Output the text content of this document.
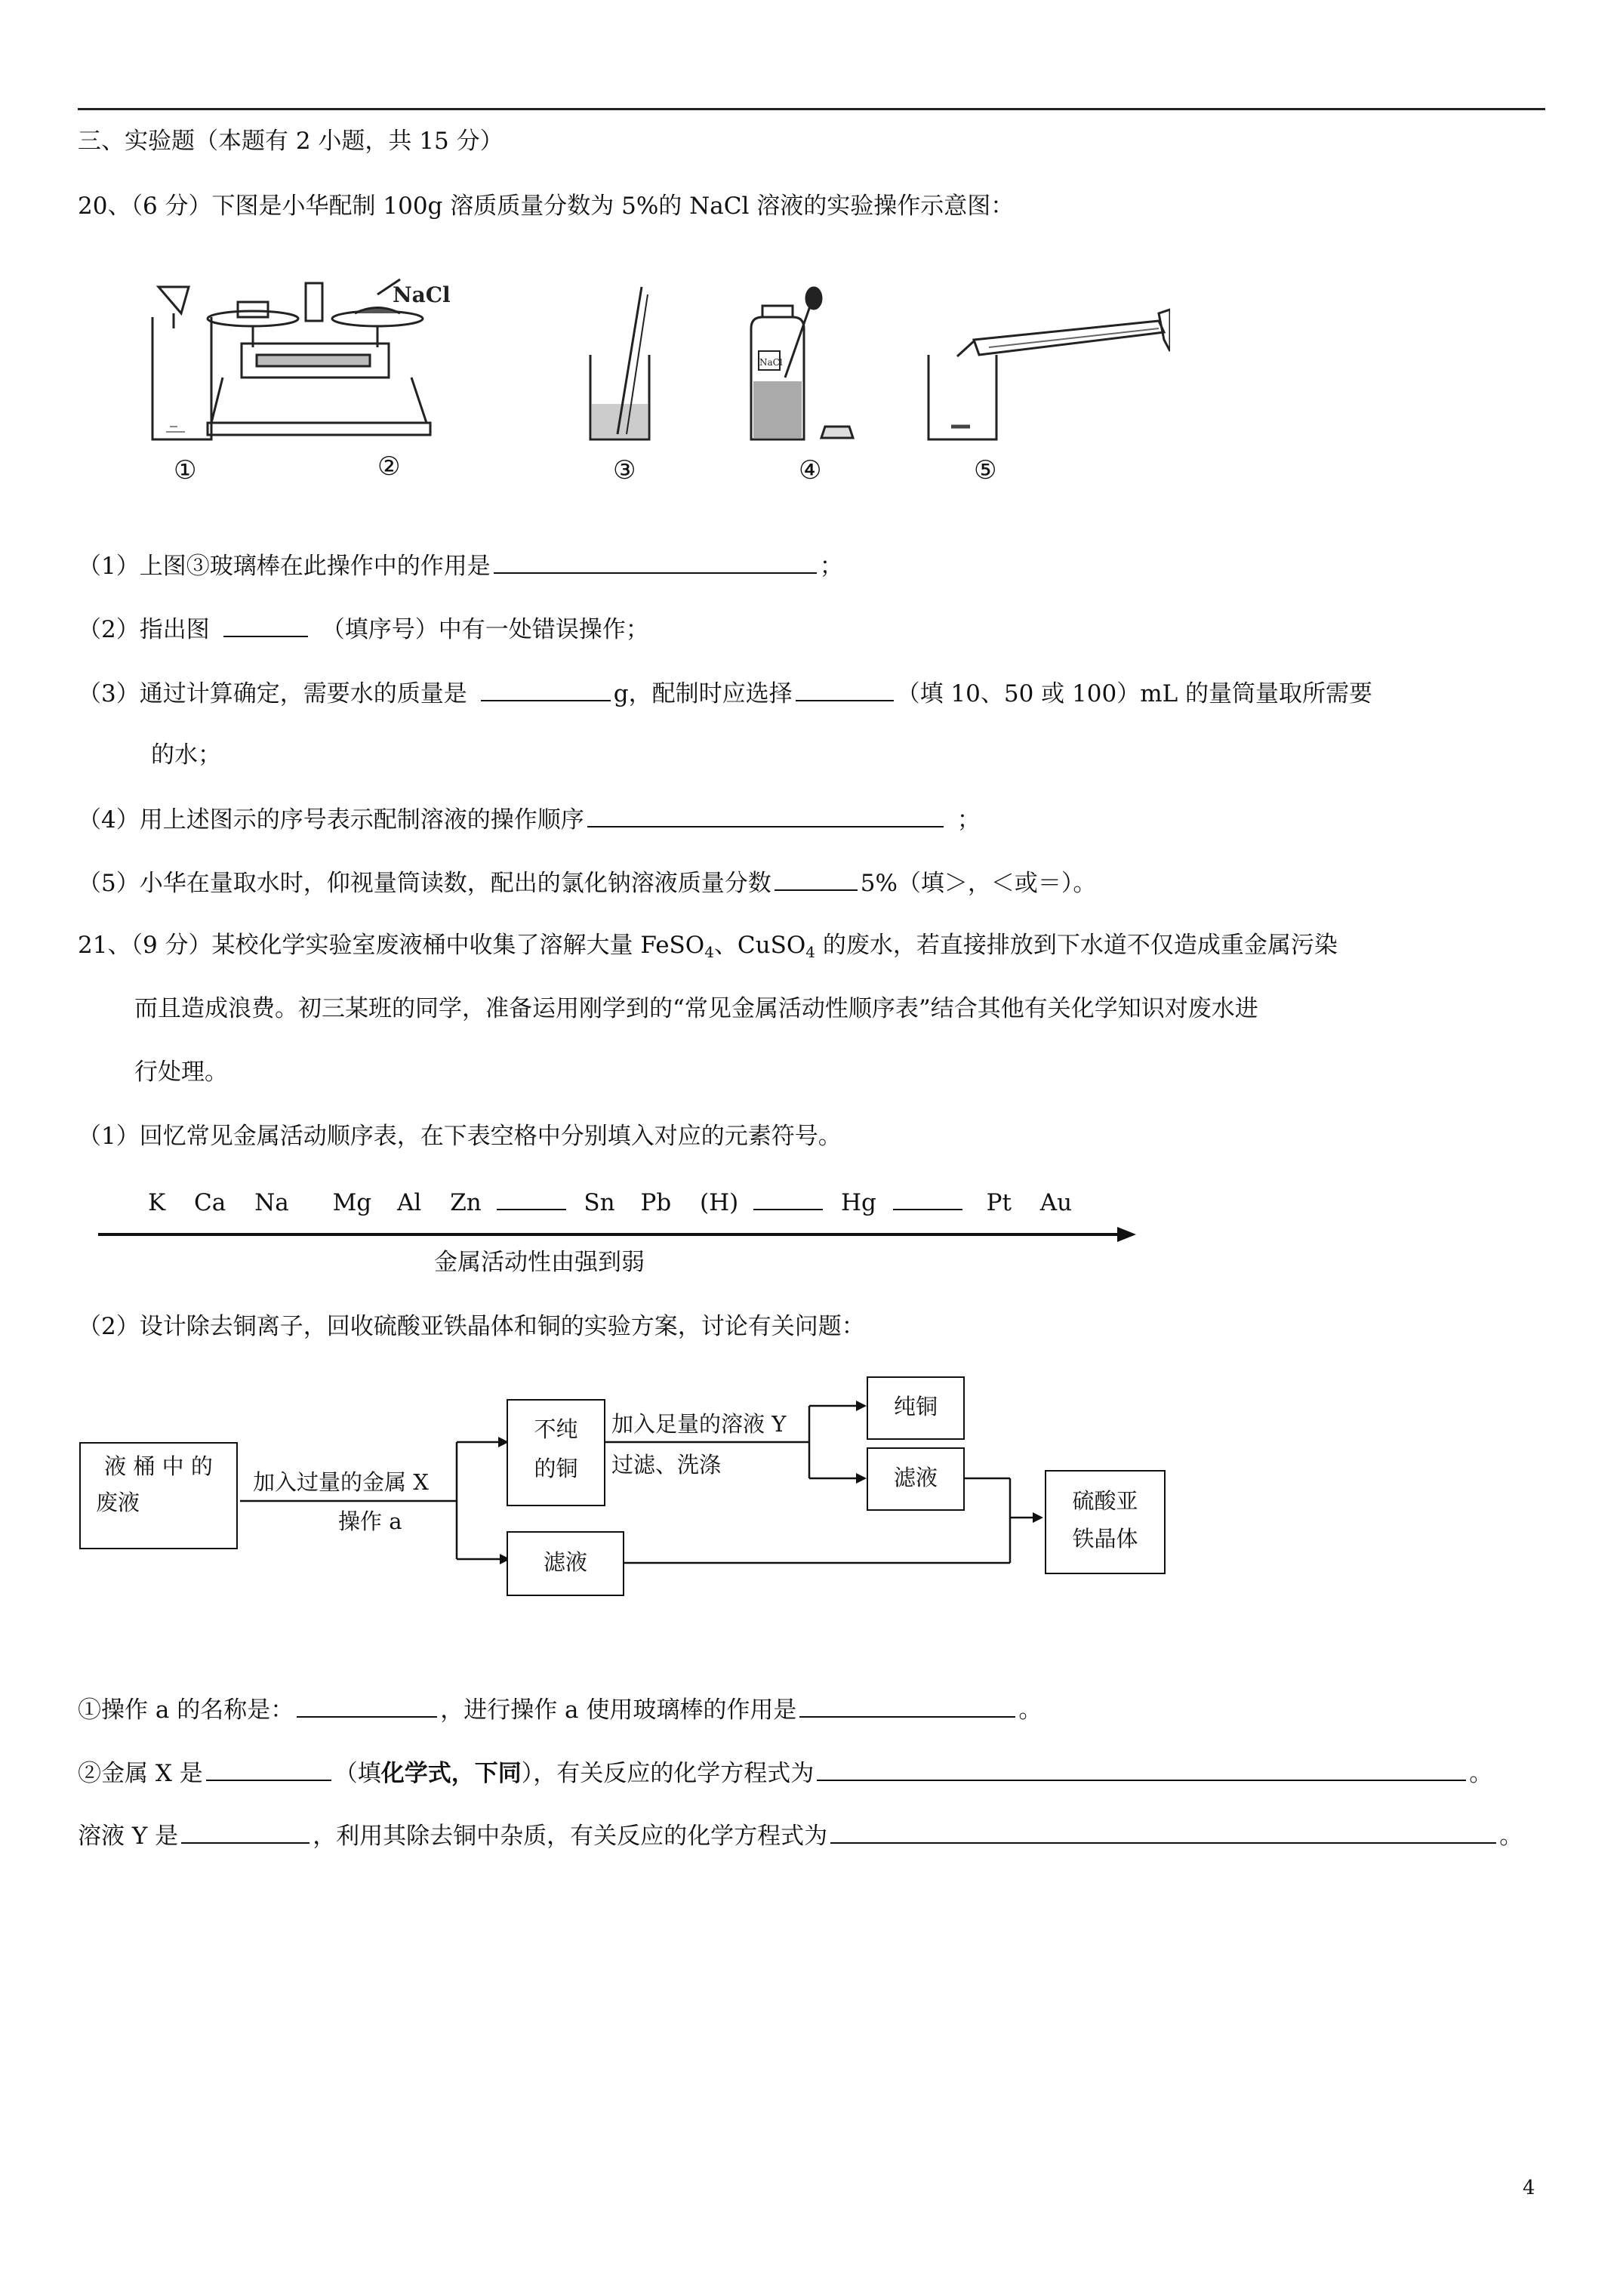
三、实验题（本题有 2 小题，共 15 分）
20、（6 分）下图是小华配制 100g 溶质质量分数为 5%的 NaCl 溶液的实验操作示意图：
NaCl
NaCl
①	②	③	④	⑤
（1）上图③玻璃棒在此操作中的作用是	；
（2）指出图	（填序号）中有一处错误操作；
（3）通过计算确定，需要水的质量是	g，配制时应选择	（填 10、50 或 100）mL 的量筒量取所需要
的水；
（4）用上述图示的序号表示配制溶液的操作顺序	；
（5）小华在量取水时，仰视量筒读数，配出的氯化钠溶液质量分数	5%（填＞，＜或＝）。
21、（9 分）某校化学实验室废液桶中收集了溶解大量 FeSO$_4$、CuSO$_4$ 的废水，若直接排放到下水道不仅造成重金属污染
而且造成浪费。初三某班的同学，准备运用刚学到的“常见金属活动性顺序表”结合其他有关化学知识对废水进
行处理。
（1）回忆常见金属活动顺序表，在下表空格中分别填入对应的元素符号。
K Ca Na Mg Al Zn	Sn Pb (H)	Hg	Pt Au
金属活动性由强到弱
（2）设计除去铜离子，回收硫酸亚铁晶体和铜的实验方案，讨论有关问题：
液 桶 中 的
废液
加入过量的金属 X
操作 a
不纯
的铜
加入足量的溶液 Y
过滤、洗涤
纯铜
滤液
硫酸亚
铁晶体
滤液
①操作 a 的名称是：	，进行操作 a 使用玻璃棒的作用是	。
②金属 X 是	（填化学式，下同），有关反应的化学方程式为	。
溶液 Y 是	，利用其除去铜中杂质，有关反应的化学方程式为	。
4
